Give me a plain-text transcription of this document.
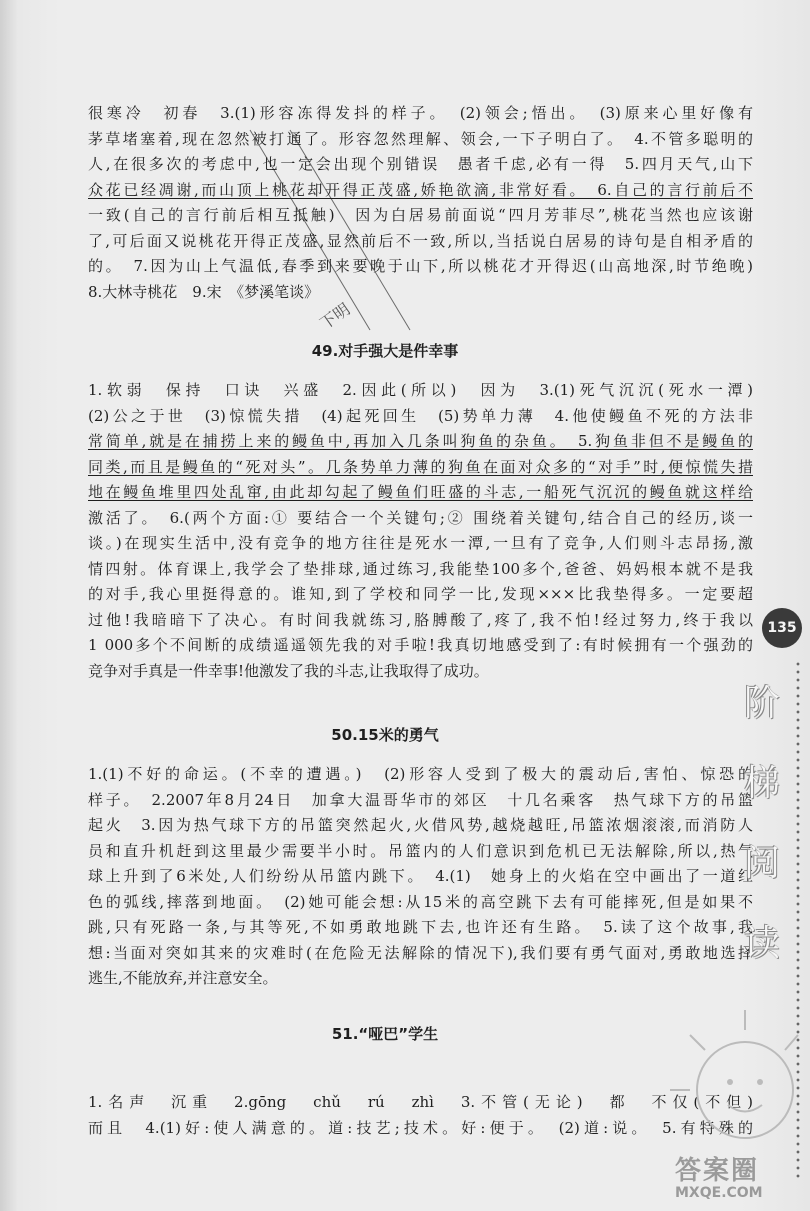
下明
很寒冷　初春　3.(1)形容冻得发抖的样子。　(2)领会;悟出。　(3)原来心里好像有
茅草堵塞着,现在忽然被打通了。形容忽然理解、领会,一下子明白了。　4.不管多聪明的
人,在很多次的考虑中,也一定会出现个别错误　愚者千虑,必有一得　5.四月天气,山下
众花已经凋谢,而山顶上桃花却开得正茂盛,娇艳欲滴,非常好看。　6.自己的言行前后不
一致(自己的言行前后相互抵触)　因为白居易前面说“四月芳菲尽”,桃花当然也应该谢
了,可后面又说桃花开得正茂盛,显然前后不一致,所以,当括说白居易的诗句是自相矛盾的
的。　7.因为山上气温低,春季到来要晚于山下,所以桃花才开得迟(山高地深,时节绝晚)
8.大林寺桃花　9.宋　《梦溪笔谈》
49.对手强大是件幸事
1.软弱　保持　口诀　兴盛　2.因此(所以)　因为　3.(1)死气沉沉(死水一潭)
(2)公之于世　(3)惊慌失措　(4)起死回生　(5)势单力薄　4.他使鳗鱼不死的方法非
常简单,就是在捕捞上来的鳗鱼中,再加入几条叫狗鱼的杂鱼。　5.狗鱼非但不是鳗鱼的
同类,而且是鳗鱼的“死对头”。几条势单力薄的狗鱼在面对众多的“对手”时,便惊慌失措
地在鳗鱼堆里四处乱窜,由此却勾起了鳗鱼们旺盛的斗志,一船死气沉沉的鳗鱼就这样给
激活了。　6.(两个方面:① 要结合一个关键句;② 围绕着关键句,结合自己的经历,谈一
谈。)在现实生活中,没有竞争的地方往往是死水一潭,一旦有了竞争,人们则斗志昂扬,激
情四射。体育课上,我学会了垫排球,通过练习,我能垫100多个,爸爸、妈妈根本就不是我
的对手,我心里挺得意的。谁知,到了学校和同学一比,发现×××比我垫得多。一定要超
过他!我暗暗下了决心。有时间我就练习,胳膊酸了,疼了,我不怕!经过努力,终于我以
1 000多个不间断的成绩遥遥领先我的对手啦!我真切地感受到了:有时候拥有一个强劲的
竞争对手真是一件幸事!他激发了我的斗志,让我取得了成功。
50.15米的勇气
1.(1)不好的命运。(不幸的遭遇。)　(2)形容人受到了极大的震动后,害怕、惊恐的
样子。　2.2007年8月24日　加拿大温哥华市的郊区　十几名乘客　热气球下方的吊篮
起火　3.因为热气球下方的吊篮突然起火,火借风势,越烧越旺,吊篮浓烟滚滚,而消防人
员和直升机赶到这里最少需要半小时。吊篮内的人们意识到危机已无法解除,所以,热气
球上升到了6米处,人们纷纷从吊篮内跳下。　4.(1)　她身上的火焰在空中画出了一道红
色的弧线,摔落到地面。　(2)她可能会想:从15米的高空跳下去有可能摔死,但是如果不
跳,只有死路一条,与其等死,不如勇敢地跳下去,也许还有生路。　5.读了这个故事,我
想:当面对突如其来的灾难时(在危险无法解除的情况下),我们要有勇气面对,勇敢地选择
逃生,不能放弃,并注意安全。
51.“哑巴”学生
1.名声　沉重　2.gōng　chǔ　rú　zhì　3.不管(无论)　都　不仅(不但)
而且　4.(1)好:使人满意的。道:技艺;技术。好:便于。　(2)道:说。　5.有特殊的
135
阶
梯
阅
读
答案圈
MXQE.COM
